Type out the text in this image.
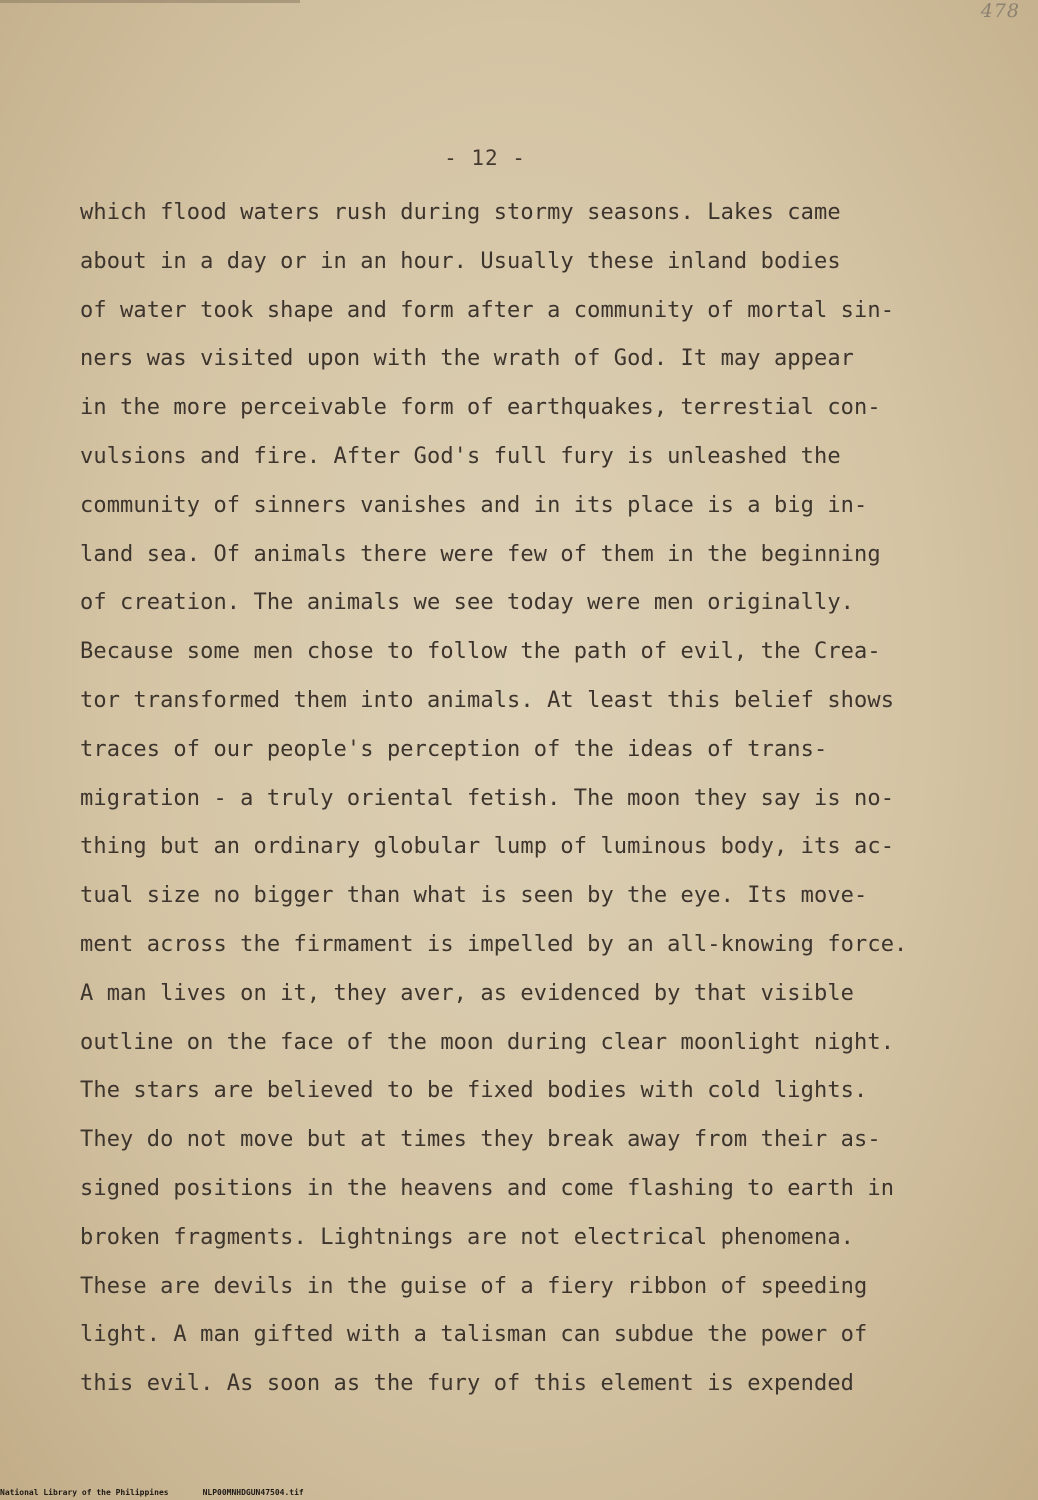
478
- 12 -
which flood waters rush during stormy seasons. Lakes came
about in a day or in an hour. Usually these inland bodies
of water took shape and form after a community of mortal sin-
ners was visited upon with the wrath of God. It may appear
in the more perceivable form of earthquakes, terrestial con-
vulsions and fire. After God's full fury is unleashed the
community of sinners vanishes and in its place is a big in-
land sea. Of animals there were few of them in the beginning
of creation. The animals we see today were men originally.
Because some men chose to follow the path of evil, the Crea-
tor transformed them into animals. At least this belief shows
traces of our people's perception of the ideas of trans-
migration - a truly oriental fetish. The moon they say is no-
thing but an ordinary globular lump of luminous body, its ac-
tual size no bigger than what is seen by the eye. Its move-
ment across the firmament is impelled by an all-knowing force.
A man lives on it, they aver, as evidenced by that visible
outline on the face of the moon during clear moonlight night.
The stars are believed to be fixed bodies with cold lights.
They do not move but at times they break away from their as-
signed positions in the heavens and come flashing to earth in
broken fragments. Lightnings are not electrical phenomena.
These are devils in the guise of a fiery ribbon of speeding
light. A man gifted with a talisman can subdue the power of
this evil. As soon as the fury of this element is expended
National Library of the Philippines	NLP00MNHDGUN47504.tif
